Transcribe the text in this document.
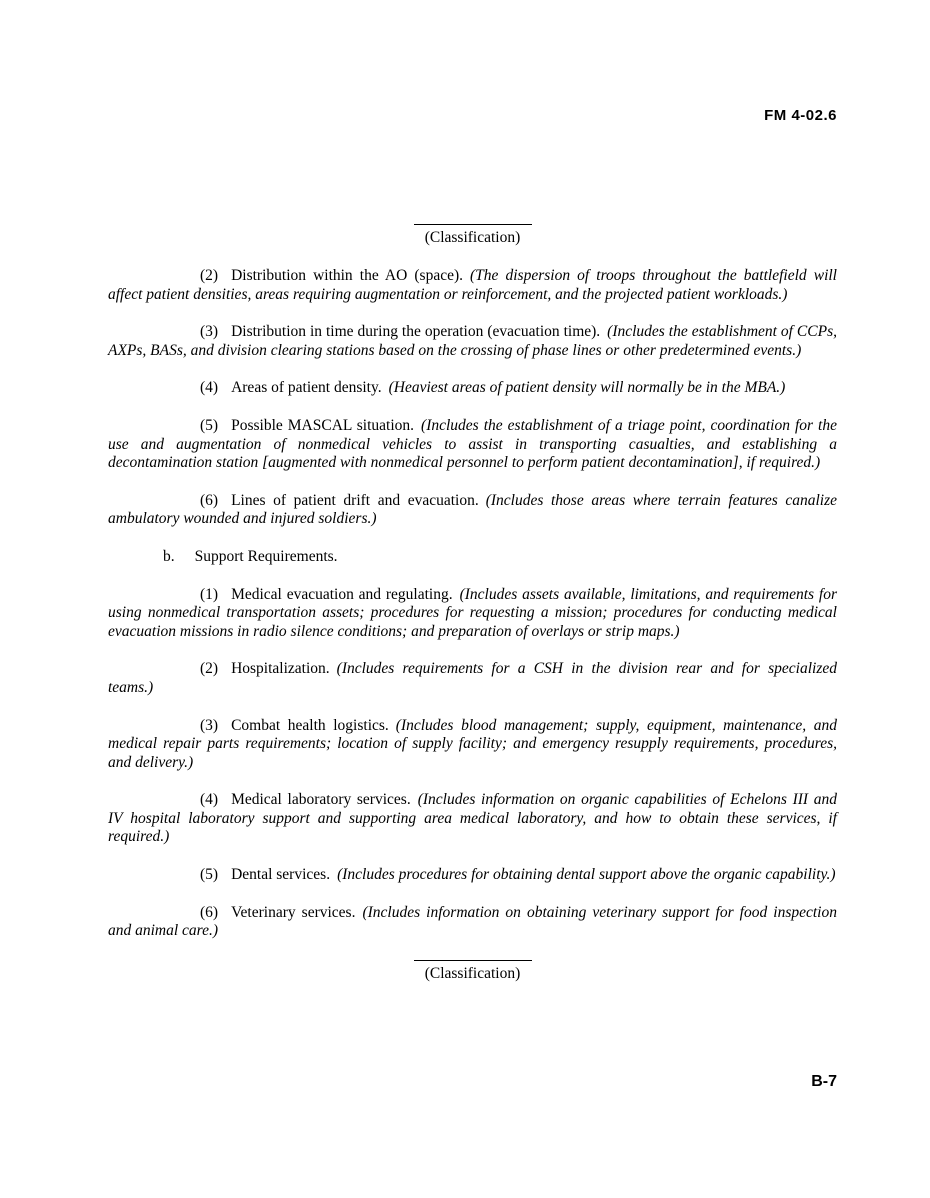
FM 4-02.6
(Classification)

(2) Distribution within the AO (space). (The dispersion of troops throughout the battlefield will affect patient densities, areas requiring augmentation or reinforcement, and the projected patient workloads.)

(3) Distribution in time during the operation (evacuation time). (Includes the establishment of CCPs, AXPs, BASs, and division clearing stations based on the crossing of phase lines or other predetermined events.)

(4) Areas of patient density. (Heaviest areas of patient density will normally be in the MBA.)

(5) Possible MASCAL situation. (Includes the establishment of a triage point, coordination for the use and augmentation of nonmedical vehicles to assist in transporting casualties, and establishing a decontamination station [augmented with nonmedical personnel to perform patient decontamination], if required.)

(6) Lines of patient drift and evacuation. (Includes those areas where terrain features canalize ambulatory wounded and injured soldiers.)

b. Support Requirements.

(1) Medical evacuation and regulating. (Includes assets available, limitations, and requirements for using nonmedical transportation assets; procedures for requesting a mission; procedures for conducting medical evacuation missions in radio silence conditions; and preparation of overlays or strip maps.)

(2) Hospitalization. (Includes requirements for a CSH in the division rear and for specialized teams.)

(3) Combat health logistics. (Includes blood management; supply, equipment, maintenance, and medical repair parts requirements; location of supply facility; and emergency resupply requirements, procedures, and delivery.)

(4) Medical laboratory services. (Includes information on organic capabilities of Echelons III and IV hospital laboratory support and supporting area medical laboratory, and how to obtain these services, if required.)

(5) Dental services. (Includes procedures for obtaining dental support above the organic capability.)

(6) Veterinary services. (Includes information on obtaining veterinary support for food inspection and animal care.)

(Classification)
B-7
